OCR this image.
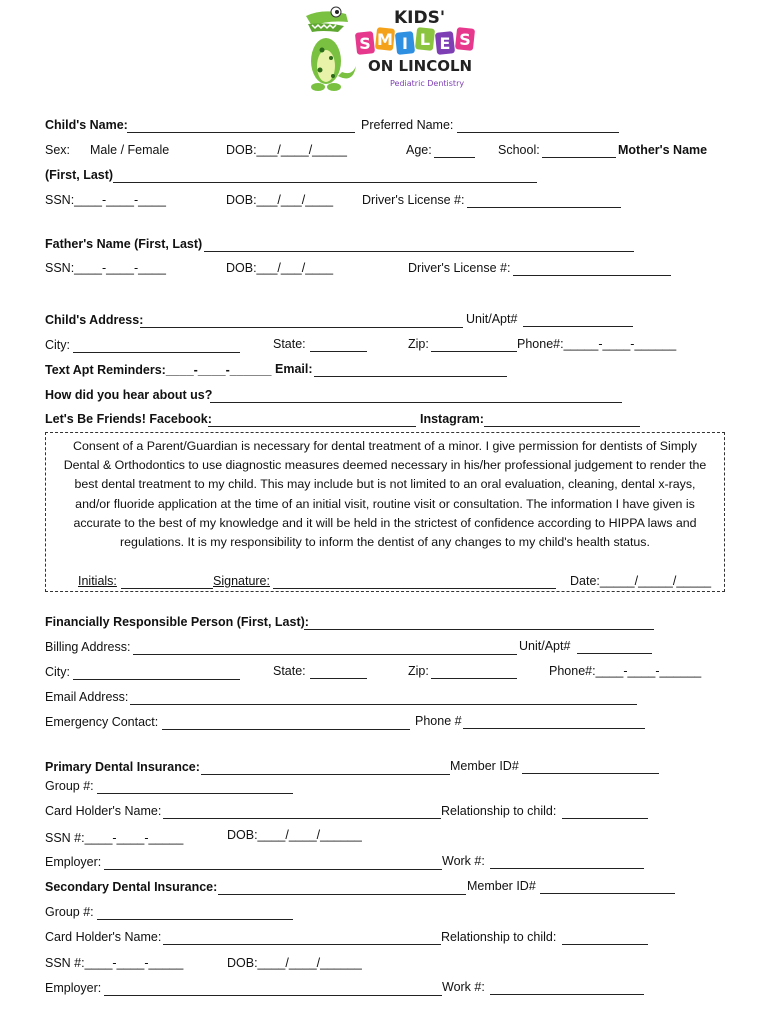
KIDS'
S M I L E S
ON LINCOLN
Pediatric Dentistry
Child's Name:	Preferred Name:
Sex: Male / Female	DOB:___/____/_____	Age:	School:	Mother's Name
(First, Last)
SSN:____-____-____	DOB:___/___/____ Driver's License #:
Father's Name (First, Last)
SSN:____-____-____	DOB:___/___/____	Driver's License #:
Child's Address:	Unit/Apt#
City:	State:	Zip:	Phone#:_____-____-______
Text Apt Reminders:____-____-______ Email:
How did you hear about us?
Let's Be Friends! Facebook:	Instagram:
Consent of a Parent/Guardian is necessary for dental treatment of a minor. I give permission for dentists of Simply
Dental & Orthodontics to use diagnostic measures deemed necessary in his/her professional judgement to render the
best dental treatment to my child. This may include but is not limited to an oral evaluation, cleaning, dental x-rays,
and/or fluoride application at the time of an initial visit, routine visit or consultation. The information I have given is
accurate to the best of my knowledge and it will be held in the strictest of confidence according to HIPPA laws and
regulations. It is my responsibility to inform the dentist of any changes to my child's health status.
Initials:	Signature:	Date:_____/_____/_____
Financially Responsible Person (First, Last):
Billing Address:	Unit/Apt#
City:	State:	Zip:	Phone#:____-____-______
Email Address:
Emergency Contact:	Phone #
Primary Dental Insurance:	Member ID#
Group #:
Card Holder's Name:	Relationship to child:
SSN #:____-____-_____	DOB:____/____/______
Employer:	Work #:
Secondary Dental Insurance:	Member ID#
Group #:
Card Holder's Name:	Relationship to child:
SSN #:____-____-_____	DOB:____/____/______
Employer:	Work #:
